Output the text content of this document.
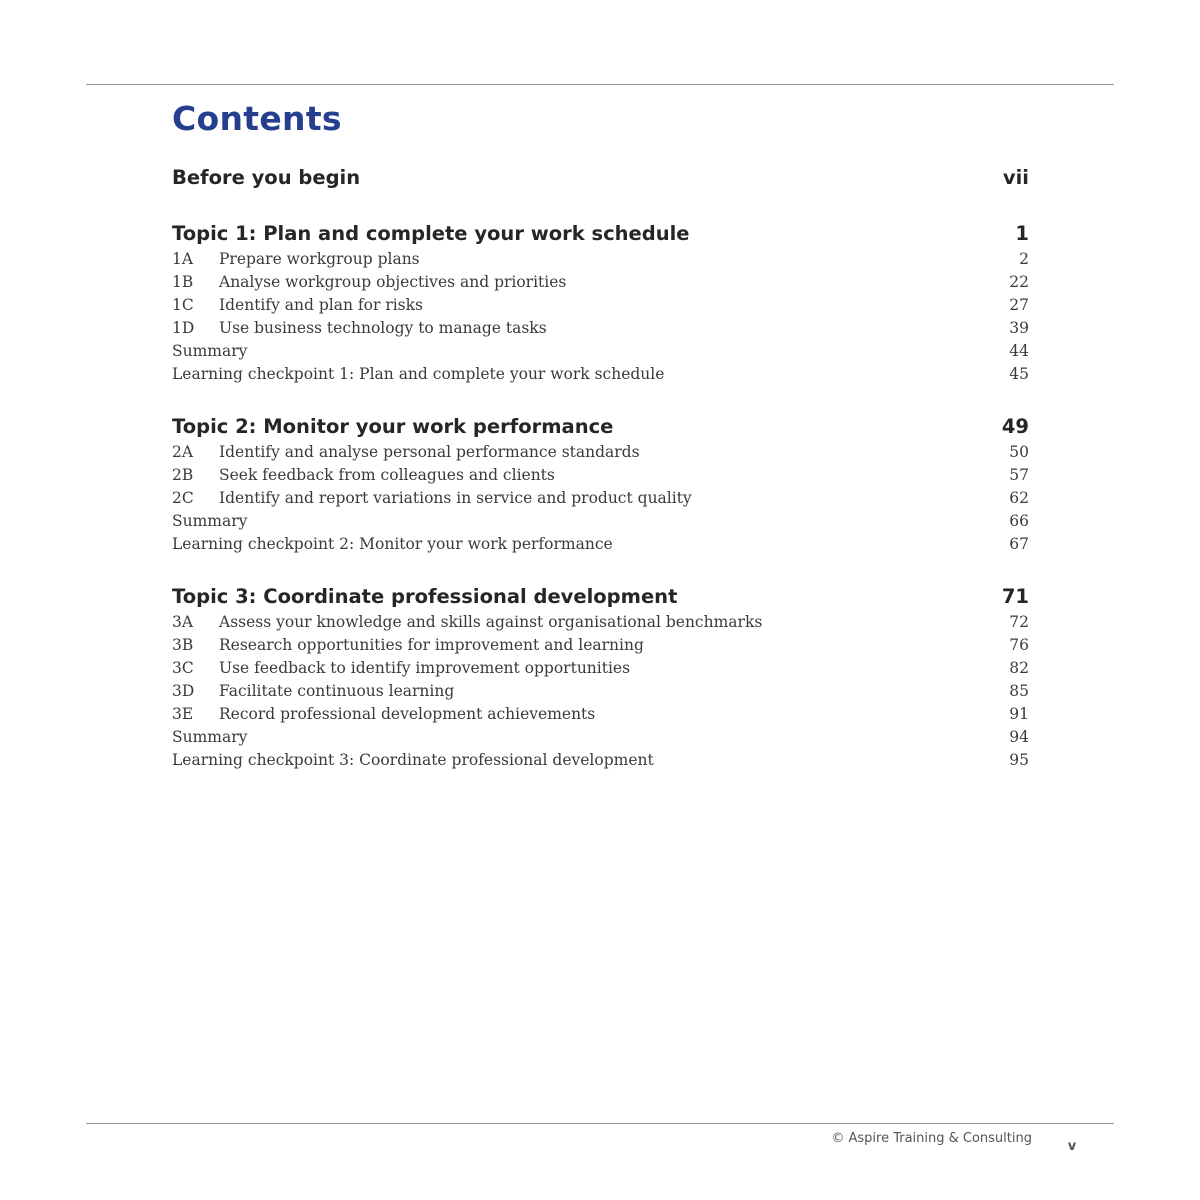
Contents
Before you begin	vii
Topic 1: Plan and complete your work schedule	1
1A	Prepare workgroup plans	2
1B	Analyse workgroup objectives and priorities	22
1C	Identify and plan for risks	27
1D	Use business technology to manage tasks	39
Summary	44
Learning checkpoint 1: Plan and complete your work schedule	45
Topic 2: Monitor your work performance	49
2A	Identify and analyse personal performance standards	50
2B	Seek feedback from colleagues and clients	57
2C	Identify and report variations in service and product quality	62
Summary	66
Learning checkpoint 2: Monitor your work performance	67
Topic 3: Coordinate professional development	71
3A	Assess your knowledge and skills against organisational benchmarks	72
3B	Research opportunities for improvement and learning	76
3C	Use feedback to identify improvement opportunities	82
3D	Facilitate continuous learning	85
3E	Record professional development achievements	91
Summary	94
Learning checkpoint 3: Coordinate professional development	95
© Aspire Training & Consulting
v
